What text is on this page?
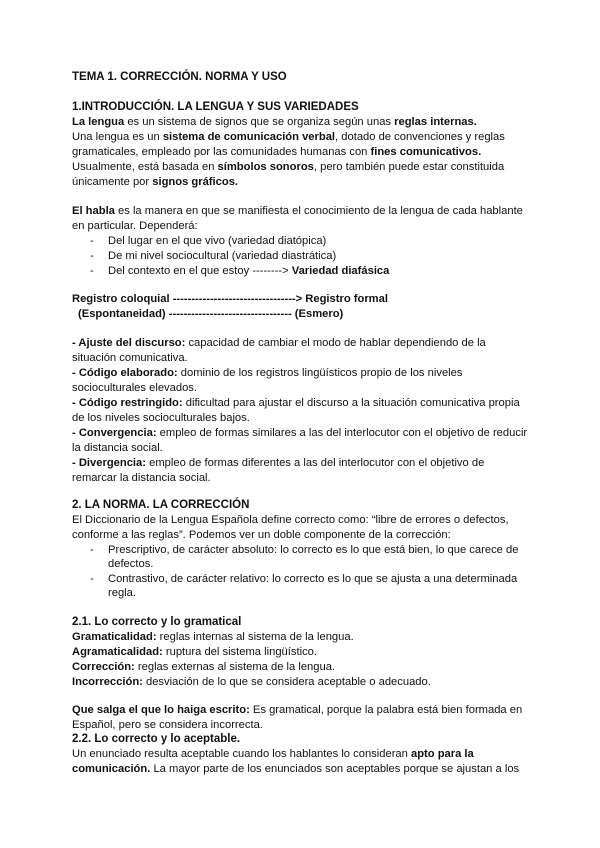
TEMA 1. CORRECCIÓN. NORMA Y USO
1.INTRODUCCIÓN. LA LENGUA Y SUS VARIEDADES
La lengua es un sistema de signos que se organiza según unas reglas internas.
Una lengua es un sistema de comunicación verbal, dotado de convenciones y reglas
gramaticales, empleado por las comunidades humanas con fines comunicativos.
Usualmente, está basada en símbolos sonoros, pero también puede estar constituida
únicamente por signos gráficos.
El habla es la manera en que se manifiesta el conocimiento de la lengua de cada hablante
en particular. Dependerá:
- Del lugar en el que vivo (variedad diatópica)
- De mi nivel sociocultural (variedad diastrática)
- Del contexto en el que estoy --------> Variedad diafásica
Registro coloquial ---------------------------------> Registro formal
(Espontaneidad) --------------------------------- (Esmero)
- Ajuste del discurso: capacidad de cambiar el modo de hablar dependiendo de la
situación comunicativa.
- Código elaborado: dominio de los registros lingüísticos propio de los niveles
socioculturales elevados.
- Código restringido: dificultad para ajustar el discurso a la situación comunicativa propia
de los niveles socioculturales bajos.
- Convergencia: empleo de formas similares a las del interlocutor con el objetivo de reducir
la distancia social.
- Divergencia: empleo de formas diferentes a las del interlocutor con el objetivo de
remarcar la distancia social.
2. LA NORMA. LA CORRECCIÓN
El Diccionario de la Lengua Española define correcto como: “libre de errores o defectos,
conforme a las reglas”. Podemos ver un doble componente de la corrección:
- Prescriptivo, de carácter absoluto: lo correcto es lo que está bien, lo que carece de
defectos.
- Contrastivo, de carácter relativo: lo correcto es lo que se ajusta a una determinada
regla.
2.1. Lo correcto y lo gramatical
Gramaticalidad: reglas internas al sistema de la lengua.
Agramaticalidad: ruptura del sistema lingüístico.
Corrección: reglas externas al sistema de la lengua.
Incorrección: desviación de lo que se considera aceptable o adecuado.
Que salga el que lo haiga escrito: Es gramatical, porque la palabra está bien formada en
Español, pero se considera incorrecta.
2.2. Lo correcto y lo aceptable.
Un enunciado resulta aceptable cuando los hablantes lo consideran apto para la
comunicación. La mayor parte de los enunciados son aceptables porque se ajustan a los
